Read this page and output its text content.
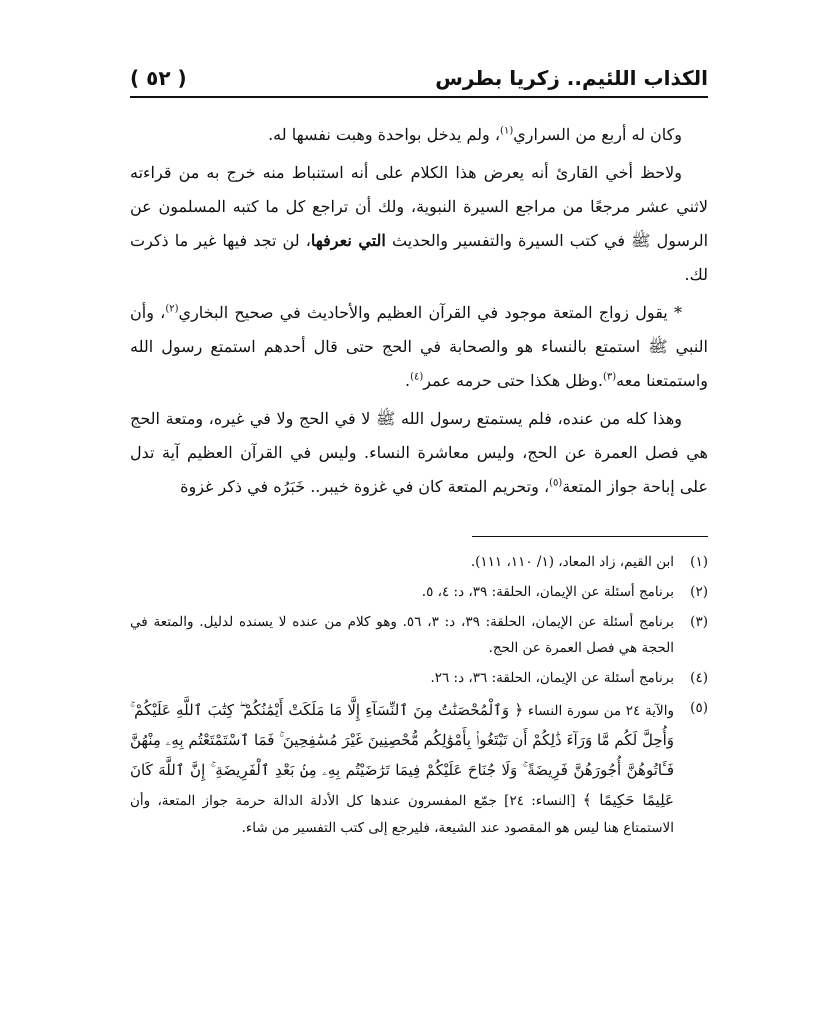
الكذاب اللئيم.. زكريا بطرس
( ٥٢ )

وكان له أربع من السراري$^{(١)}$، ولم يدخل بواحدة وهبت نفسها له.

ولاحظ أخي القارئ أنه يعرض هذا الكلام على أنه استنباط منه خرج به من قراءته لاثني عشر مرجعًا من مراجع السيرة النبوية، ولك أن تراجع كل ما كتبه المسلمون عن الرسول ﷺ في كتب السيرة والتفسير والحديث التي نعرفها، لن تجد فيها غير ما ذكرت لك.

* يقول زواج المتعة موجود في القرآن العظيم والأحاديث في صحيح البخاري$^{(٢)}$، وأن النبي ﷺ استمتع بالنساء هو والصحابة في الحج حتى قال أحدهم استمتع رسول الله واستمتعنا معه$^{(٣)}$.وظل هكذا حتى حرمه عمر$^{(٤)}$.

وهذا كله من عنده، فلم يستمتع رسول الله ﷺ لا في الحج ولا في غيره، ومتعة الحج هي فصل العمرة عن الحج، وليس معاشرة النساء. وليس في القرآن العظيم آية تدل على إباحة جواز المتعة$^{(٥)}$، وتحريم المتعة كان في غزوة خيبر.. خَبَرُه في ذكر غزوة

(١)
ابن القيم، زاد المعاد، (١/ ١١٠، ١١١).
(٢)
برنامج أسئلة عن الإيمان، الحلقة: ٣٩، د: ٤، ٥.
(٣)
برنامج أسئلة عن الإيمان، الحلقة: ٣٩، د: ٣، ٥٦. وهو كلام من عنده لا يسنده لدليل. والمتعة في الحجة هي فصل العمرة عن الحج.
(٤)
برنامج أسئلة عن الإيمان، الحلقة: ٣٦، د: ٢٦.
(٥)
والآية ٢٤ من سورة النساء ﴿ وَٱلْمُحْصَنَٰتُ مِنَ ٱلنِّسَآءِ إِلَّا مَا مَلَكَتْ أَيْمَٰنُكُمْ ۖ كِتَٰبَ ٱللَّهِ عَلَيْكُمْ ۚ وَأُحِلَّ لَكُم مَّا وَرَآءَ ذَٰلِكُمْ أَن تَبْتَغُوا۟ بِأَمْوَٰلِكُم مُّحْصِنِينَ غَيْرَ مُسَٰفِحِينَ ۚ فَمَا ٱسْتَمْتَعْتُم بِهِۦ مِنْهُنَّ فَـَٔاتُوهُنَّ أُجُورَهُنَّ فَرِيضَةً ۚ وَلَا جُنَاحَ عَلَيْكُمْ فِيمَا تَرَٰضَيْتُم بِهِۦ مِنۢ بَعْدِ ٱلْفَرِيضَةِ ۚ إِنَّ ٱللَّهَ كَانَ عَلِيمًا حَكِيمًا ﴾ [النساء: ٢٤] جمّع المفسرون عندها كل الأدلة الدالة حرمة جواز المتعة، وأن الاستمتاع هنا ليس هو المقصود عند الشيعة، فليرجع إلى كتب التفسير من شاء.
